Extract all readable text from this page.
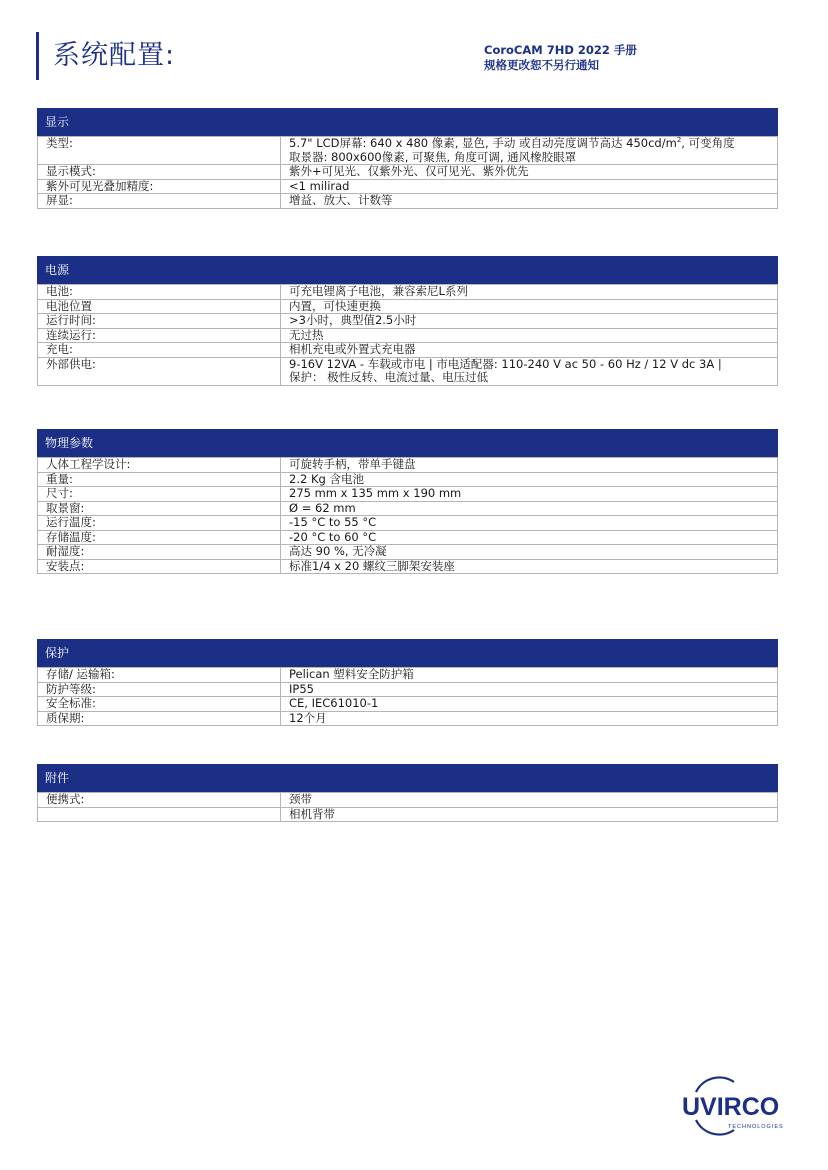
系统配置:	CoroCAM 7HD 2022 手册
规格更改恕不另行通知
显示
类型:	5.7" LCD屏幕: 640 x 480 像素, 显色, 手动 或自动亮度调节高达 $450cd/m^2$, 可变角度
取景器: 800x600像素, 可聚焦, 角度可调, 通风橡胶眼罩

显示模式:	紫外+可见光、仅紫外光、仅可见光、紫外优先

紫外可见光叠加精度:	<1 milirad

屏显:	增益、放大、计数等
电源
电池:	可充电锂离子电池，兼容索尼L系列

电池位置	内置，可快速更换

运行时间:	>3小时，典型值2.5小时

连续运行:	无过热

充电:	相机充电或外置式充电器

外部供电:	9-16V 12VA - 车载或市电 | 市电适配器: 110-240 V ac 50 - 60 Hz / 12 V dc 3A |
保护： 极性反转、电流过量、电压过低
物理参数
人体工程学设计:	可旋转手柄，带单手键盘

重量:	2.2 Kg 含电池

尺寸:	275 mm x 135 mm x 190 mm

取景窗:	Ø = 62 mm

运行温度:	-15 °C to 55 °C

存储温度:	-20 °C to 60 °C

耐湿度:	高达 90 %, 无冷凝

安装点:	标准1/4 x 20 螺纹三脚架安装座
保护
存储/ 运输箱:	Pelican 塑料安全防护箱

防护等级:	IP55

安全标准:	CE, IEC61010-1

质保期:	12个月
附件
便携式:	颈带

	相机背带
UVIRCO
TECHNOLOGIES
